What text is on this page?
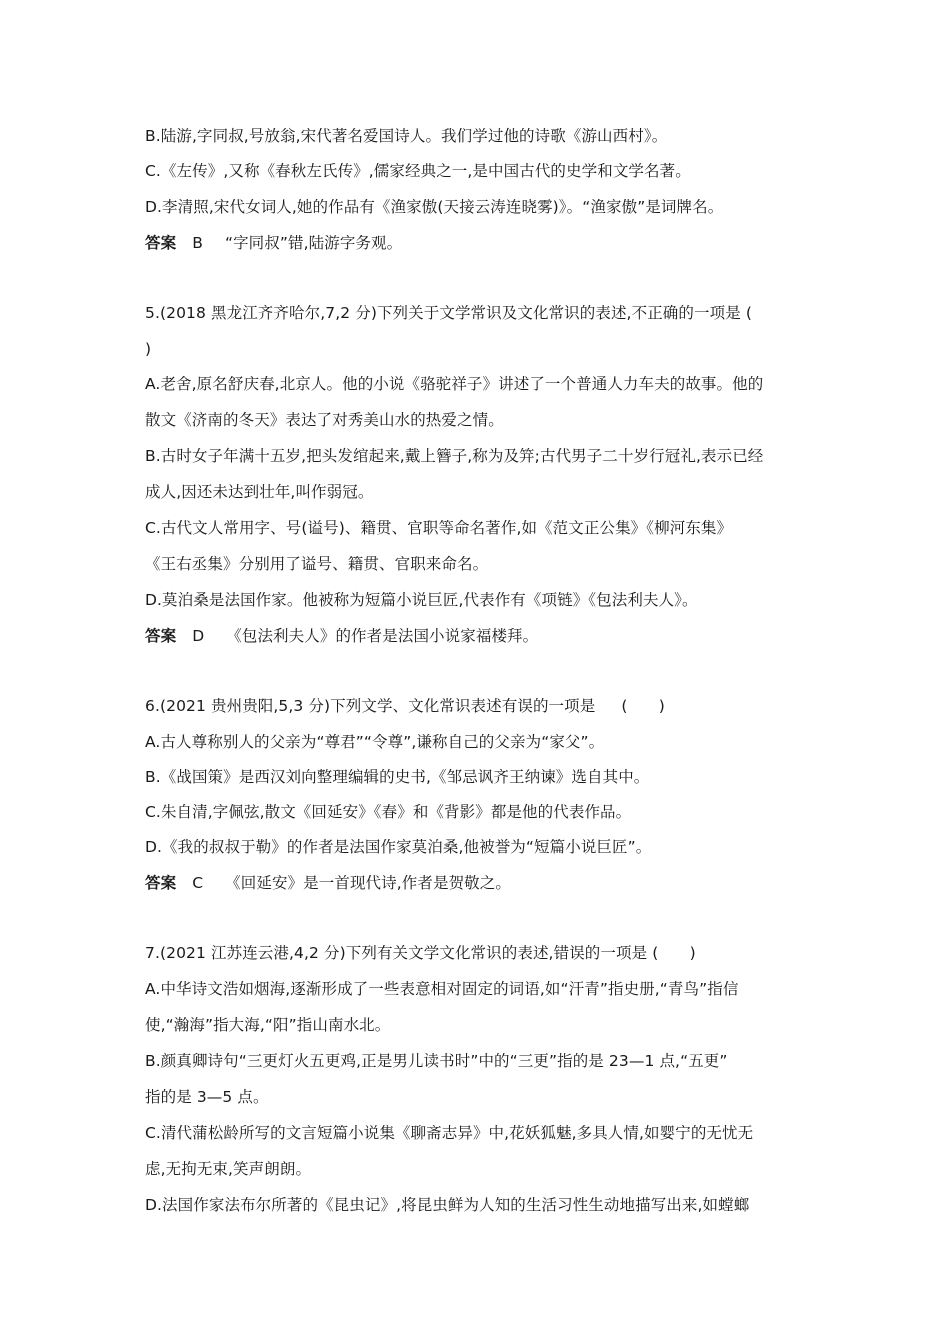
B.陆游,字同叔,号放翁,宋代著名爱国诗人。我们学过他的诗歌《游山西村》。
C.《左传》,又称《春秋左氏传》,儒家经典之一,是中国古代的史学和文学名著。
D.李清照,宋代女词人,她的作品有《渔家傲(天接云涛连晓雾)》。“渔家傲”是词牌名。
答案 B “字同叔”错,陆游字务观。
5.(2018 黑龙江齐齐哈尔,7,2 分)下列关于文学常识及文化常识的表述,不正确的一项是 (
)
A.老舍,原名舒庆春,北京人。他的小说《骆驼祥子》讲述了一个普通人力车夫的故事。他的
散文《济南的冬天》表达了对秀美山水的热爱之情。
B.古时女子年满十五岁,把头发绾起来,戴上簪子,称为及笄;古代男子二十岁行冠礼,表示已经
成人,因还未达到壮年,叫作弱冠。
C.古代文人常用字、号(谥号)、籍贯、官职等命名著作,如《范文正公集》《柳河东集》
《王右丞集》分别用了谥号、籍贯、官职来命名。
D.莫泊桑是法国作家。他被称为短篇小说巨匠,代表作有《项链》《包法利夫人》。
答案 D 《包法利夫人》的作者是法国小说家福楼拜。
6.(2021 贵州贵阳,5,3 分)下列文学、文化常识表述有误的一项是 (　　)
A.古人尊称别人的父亲为“尊君”“令尊”,谦称自己的父亲为“家父”。
B.《战国策》是西汉刘向整理编辑的史书,《邹忌讽齐王纳谏》选自其中。
C.朱自清,字佩弦,散文《回延安》《春》和《背影》都是他的代表作品。
D.《我的叔叔于勒》的作者是法国作家莫泊桑,他被誉为“短篇小说巨匠”。
答案 C 《回延安》是一首现代诗,作者是贺敬之。
7.(2021 江苏连云港,4,2 分)下列有关文学文化常识的表述,错误的一项是 (　　)
A.中华诗文浩如烟海,逐渐形成了一些表意相对固定的词语,如“汗青”指史册,“青鸟”指信
使,“瀚海”指大海,“阳”指山南水北。
B.颜真卿诗句“三更灯火五更鸡,正是男儿读书时”中的“三更”指的是 23—1 点,“五更”
指的是 3—5 点。
C.清代蒲松龄所写的文言短篇小说集《聊斋志异》中,花妖狐魅,多具人情,如婴宁的无忧无
虑,无拘无束,笑声朗朗。
D.法国作家法布尔所著的《昆虫记》,将昆虫鲜为人知的生活习性生动地描写出来,如螳螂
